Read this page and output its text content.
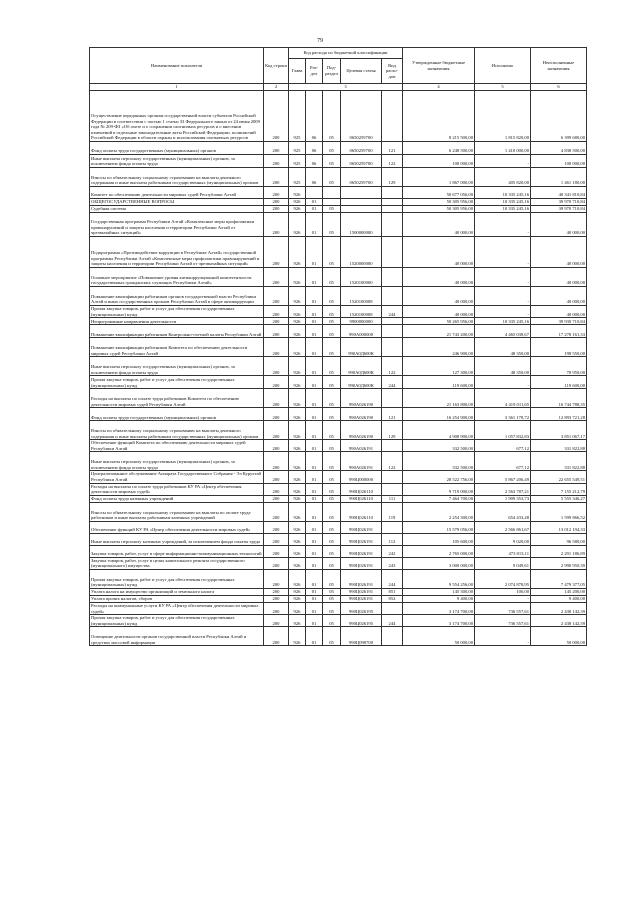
79
Наименование показателя	Код строки	Код расхода по бюджетной классификации					Утвержденные бюджетные назначения	Исполнено	Неисполненные назначения
		Глава	Раз-дел	Под-раздел	Целевая статья	Вид расхо-дов			
1	2	3					4	5	6
Осуществление переданных органам государственной власти субъектов Российской Федерации в соответствии с частью 1 статьи 33 Федерального закона от 24 июня 2009 года № 209-ФЗ «Об охоте и о сохранении охотничьих ресурсов и о внесении изменений в отдельные законодательные акты Российской Федерации» полномочий Российской Федерации в области охраны и использования охотничьих ресурсов	200	925	06	05	0650259700		8 215 500,00	1 815 820,00	6 399 680,00
Фонд оплаты труда государственных (муниципальных) органов	200	925	06	05	0650259700	121	6 248 500,00	1 410 000,00	4 838 500,00
Иные выплаты персоналу государственных (муниципальных) органов, за исключением фонда оплаты труда	200	925	06	05	0650259700	122	100 000,00	-	100 000,00
Взносы по обязательному социальному страхованию на выплаты денежного содержания и иные выплаты работникам государственных (муниципальных) органов	200	925	06	05	0650259700	129	1 867 000,00	405 820,00	1 461 180,00
Комитет по обеспечению деятельности мировых судей Республики Алтай	200	926					50 677 056,00	10 335 245,16	40 341 810,84
ОБЩЕГОСУДАРСТВЕННЫЕ ВОПРОСЫ	200	926	01				50 305 956,00	10 335 245,16	39 970 710,84
Судебная система	200	926	01	05			50 305 956,00	10 335 245,16	39 970 710,84
Государственная программа Республики Алтай «Комплексные меры профилактики правонарушений и защиты населения и территории Республики Алтай от чрезвычайных ситуаций»	200	926	01	05	1500000000		40 000,00	-	40 000,00
Подпрограмма «Противодействие коррупции в Республике Алтай» государственной программы Республики Алтай «Комплексные меры профилактики правонарушений и защиты населения и территории Республики Алтай от чрезвычайных ситуаций»	200	926	01	05	1520000000		40 000,00	-	40 000,00
Основное мероприятие «Повышение уровня антикоррупционной компетентности государственных гражданских служащих Республики Алтай»	200	926	01	05	1520100000		40 000,00	-	40 000,00
Повышение квалификации работников органов государственной власти Республики Алтай и иных государственных органов Республики Алтай в сфере антикоррупции	200	926	01	05	1520100008		40 000,00	-	40 000,00
Прочая закупка товаров, работ и услуг для обеспечения государственных (муниципальных) нужд	200	926	01	05	1520100008	244	40 000,00	-	40 000,00
Непрограммные направления деятельности	200	926	01	05	9900000000		50 265 956,00	10 335 245,16	39 930 710,84
Повышение квалификации работников Контрольно-счетной палаты Республики Алтай	200	926	01	05	990А000000		21 743 200,00	4 465 038,67	17 278 161,33
Повышение квалификации работников Комитета по обеспечению деятельности мировых судей Республики Алтай	200	926	01	05	990А0Д600К		246 900,00	48 350,00	198 550,00
Иные выплаты персоналу государственных (муниципальных) органов, за исключением фонда оплаты труда	200	926	01	05	990А0Д600К	122	127 300,00	48 350,00	78 950,00
Прочая закупка товаров, работ и услуг для обеспечения государственных (муниципальных) нужд	200	926	01	05	990А0Д600К	244	119 600,00	-	119 600,00
Расходы на выплаты по оплате труда работников Комитета по обеспечению деятельности мировых судей Республики Алтай	200	926	01	05	990А026190		21 163 800,00	4 419 011,65	16 744 788,35
Фонд оплаты труда государственных (муниципальных) органов	200	926	01	05	990А026190	121	16 254 900,00	3 361 178,72	12 893 721,28
Взносы по обязательному социальному страхованию на выплаты денежного содержания и иные выплаты работникам государственных (муниципальных) органов	200	926	01	05	990А026190	129	4 908 900,00	1 057 832,83	3 851 067,17
Обеспечение функций Комитета по обеспечению деятельности мировых судей Республики Алтай	200	926	01	05	990А026191		332 500,00	677,12	331 822,88
Иные выплаты персоналу государственных (муниципальных) органов, за исключением фонда оплаты труда	200	926	01	05	990А026191	122	332 500,00	677,12	331 822,88
Централизованное обслуживание Аппарата Государственного Собрания - Эл Курултай Республики Алтай	200	926	01	05	990Ц000000		28 522 756,00	5 867 206,49	22 655 549,51
Расходы на выплаты по оплате труда работников КУ РА «Центр обеспечения деятельности мировых судей»	200	926	01	05	990Ц026110		9 719 000,00	2 563 787,21	7 155 212,79
Фонд оплаты труда казенных учреждений	200	926	01	05	990Ц026110	111	7 464 700,00	1 909 353,73	5 555 346,27
Взносы по обязательному социальному страхованию на выплаты по оплате труда работников и иные выплаты работникам казенных учреждений	200	926	01	05	990Ц026110	119	2 254 300,00	654 433,48	1 599 866,52
Обеспечение функций КУ РА «Центр обеспечения деятельности мировых судей»	200	926	01	05	990Ц026191		15 579 056,00	2 566 861,67	13 012 194,33
Иные выплаты персоналу казенных учреждений, за исключением фонда оплаты труда	200	926	01	05	990Ц026191	112	105 600,00	9 020,00	96 580,00
Закупка товаров, работ, услуг в сфере информационно-коммуникационных технологий	200	926	01	05	990Ц026191	242	2 765 000,00	473 813,11	2 291 186,89
Закупка товаров, работ, услуг в целях капитального ремонта государственного (муниципального) имущества	200	926	01	05	990Ц026191	243	3 000 000,00	9 049,61	2 990 950,39
Прочая закупка товаров, работ и услуг для обеспечения государственных (муниципальных) нужд	200	926	01	05	990Ц026191	244	9 554 256,00	2 074 878,95	7 479 377,05
Уплата налога на имущество организаций и земельного налога	200	926	01	05	990Ц026191	851	145 300,00	100,00	145 200,00
Уплата прочих налогов, сборов	200	926	01	05	990Ц026191	852	9 400,00	-	9 400,00
Расходы на коммунальные услуги КУ РА «Центр обеспечения деятельности мировых судей»	200	926	01	05	990Ц026195		3 174 700,00	736 557,61	2 438 142,39
Прочая закупка товаров, работ и услуг для обеспечения государственных (муниципальных) нужд	200	926	01	05	990Ц026195	244	3 174 700,00	736 557,61	2 438 142,39
Освещение деятельности органов государственной власти Республики Алтай и средствах массовой информации	200	926	01	05	990Ц098700		50 000,00	-	50 000,00
